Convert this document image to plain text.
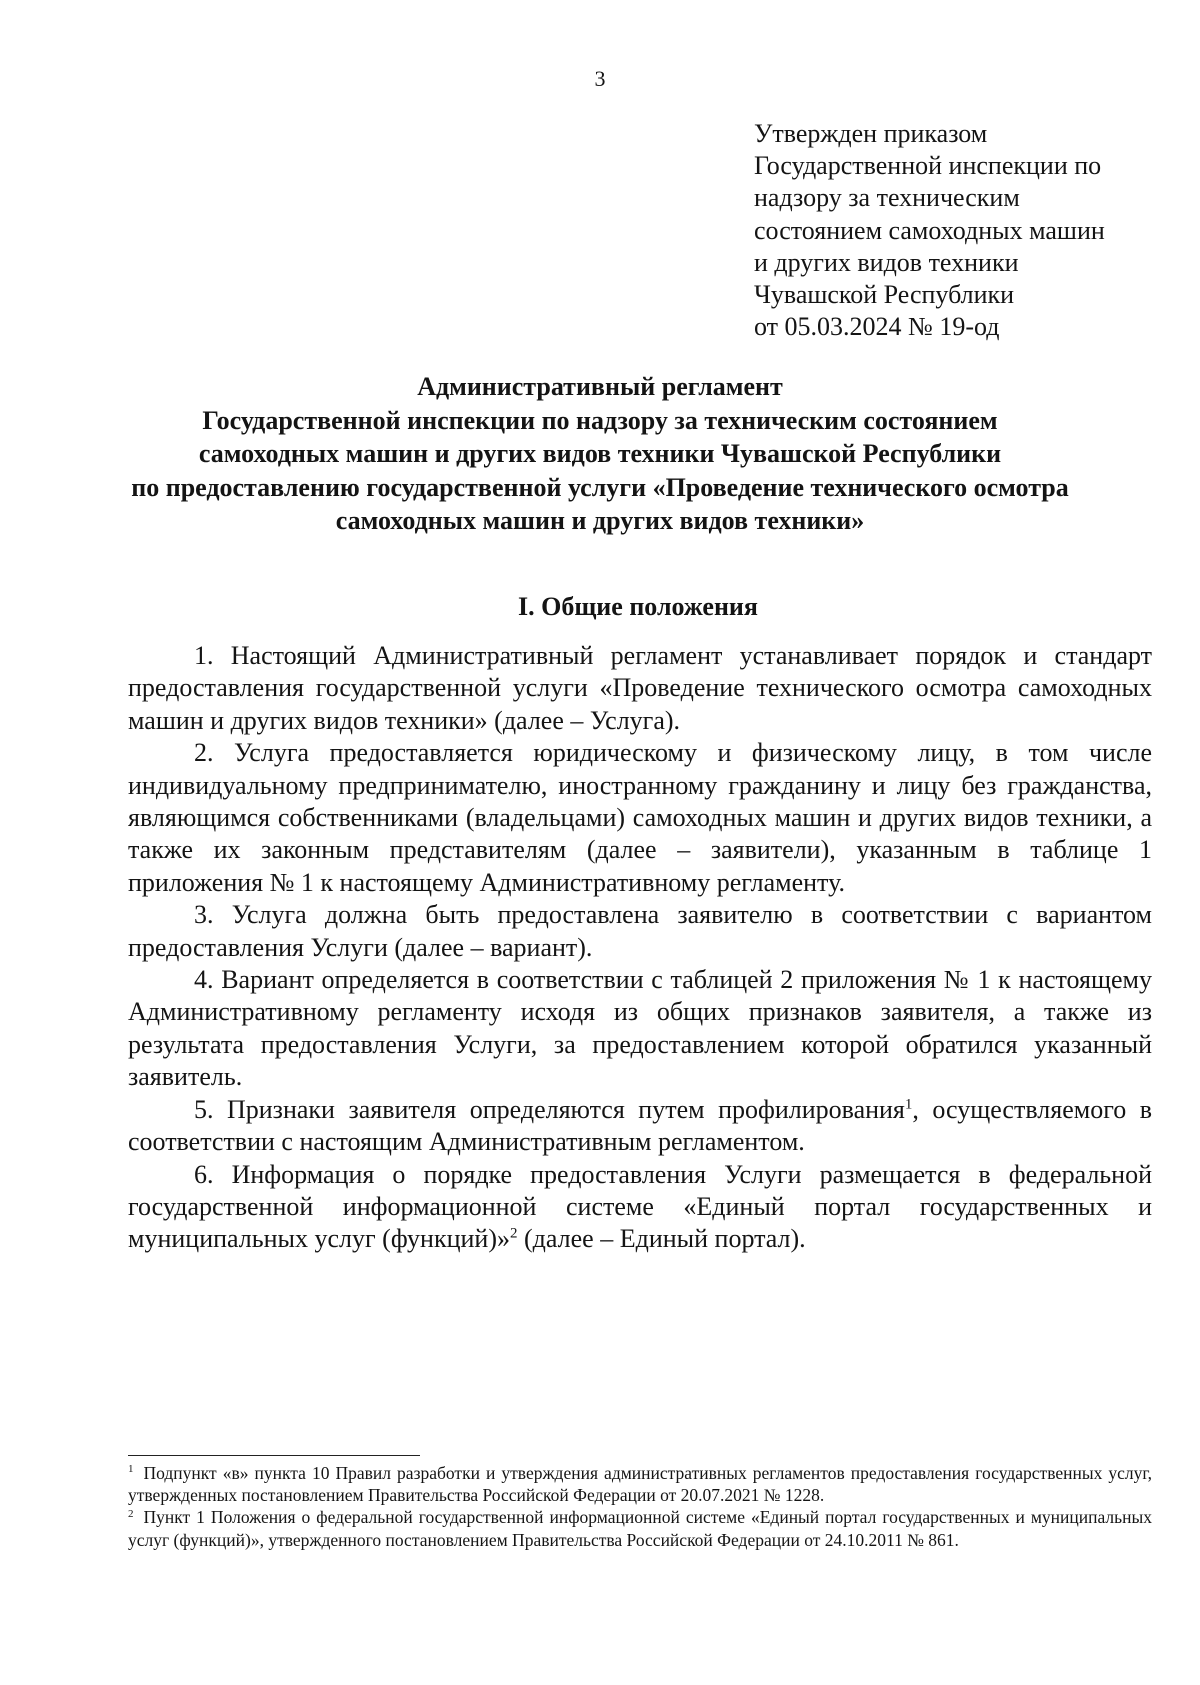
3
Утвержден приказом
Государственной инспекции по
надзору за техническим
состоянием самоходных машин
и других видов техники
Чувашской Республики
от 05.03.2024 № 19-од
Административный регламент
Государственной инспекции по надзору за техническим состоянием
самоходных машин и других видов техники Чувашской Республики
по предоставлению государственной услуги «Проведение технического осмотра
самоходных машин и других видов техники»
I. Общие положения

1. Настоящий Административный регламент устанавливает порядок и стандарт предоставления государственной услуги «Проведение технического осмотра самоходных машин и других видов техники» (далее – Услуга).

2. Услуга предоставляется юридическому и физическому лицу, в том числе индивидуальному предпринимателю, иностранному гражданину и лицу без гражданства, являющимся собственниками (владельцами) самоходных машин и других видов техники, а также их законным представителям (далее – заявители), указанным в таблице 1 приложения № 1 к настоящему Административному регламенту.

3. Услуга должна быть предоставлена заявителю в соответствии с вариантом предоставления Услуги (далее – вариант).

4. Вариант определяется в соответствии с таблицей 2 приложения № 1 к настоящему Административному регламенту исходя из общих признаков заявителя, а также из результата предоставления Услуги, за предоставлением которой обратился указанный заявитель.

5. Признаки заявителя определяются путем профилирования$^1$, осуществляемого в соответствии с настоящим Административным регламентом.

6. Информация о порядке предоставления Услуги размещается в федеральной государственной информационной системе «Единый портал государственных и муниципальных услуг (функций)»$^2$ (далее – Единый портал).

$^1$ Подпункт «в» пункта 10 Правил разработки и утверждения административных регламентов предоставления государственных услуг, утвержденных постановлением Правительства Российской Федерации от 20.07.2021 № 1228.

$^2$ Пункт 1 Положения о федеральной государственной информационной системе «Единый портал государственных и муниципальных услуг (функций)», утвержденного постановлением Правительства Российской Федерации от 24.10.2011 № 861.
